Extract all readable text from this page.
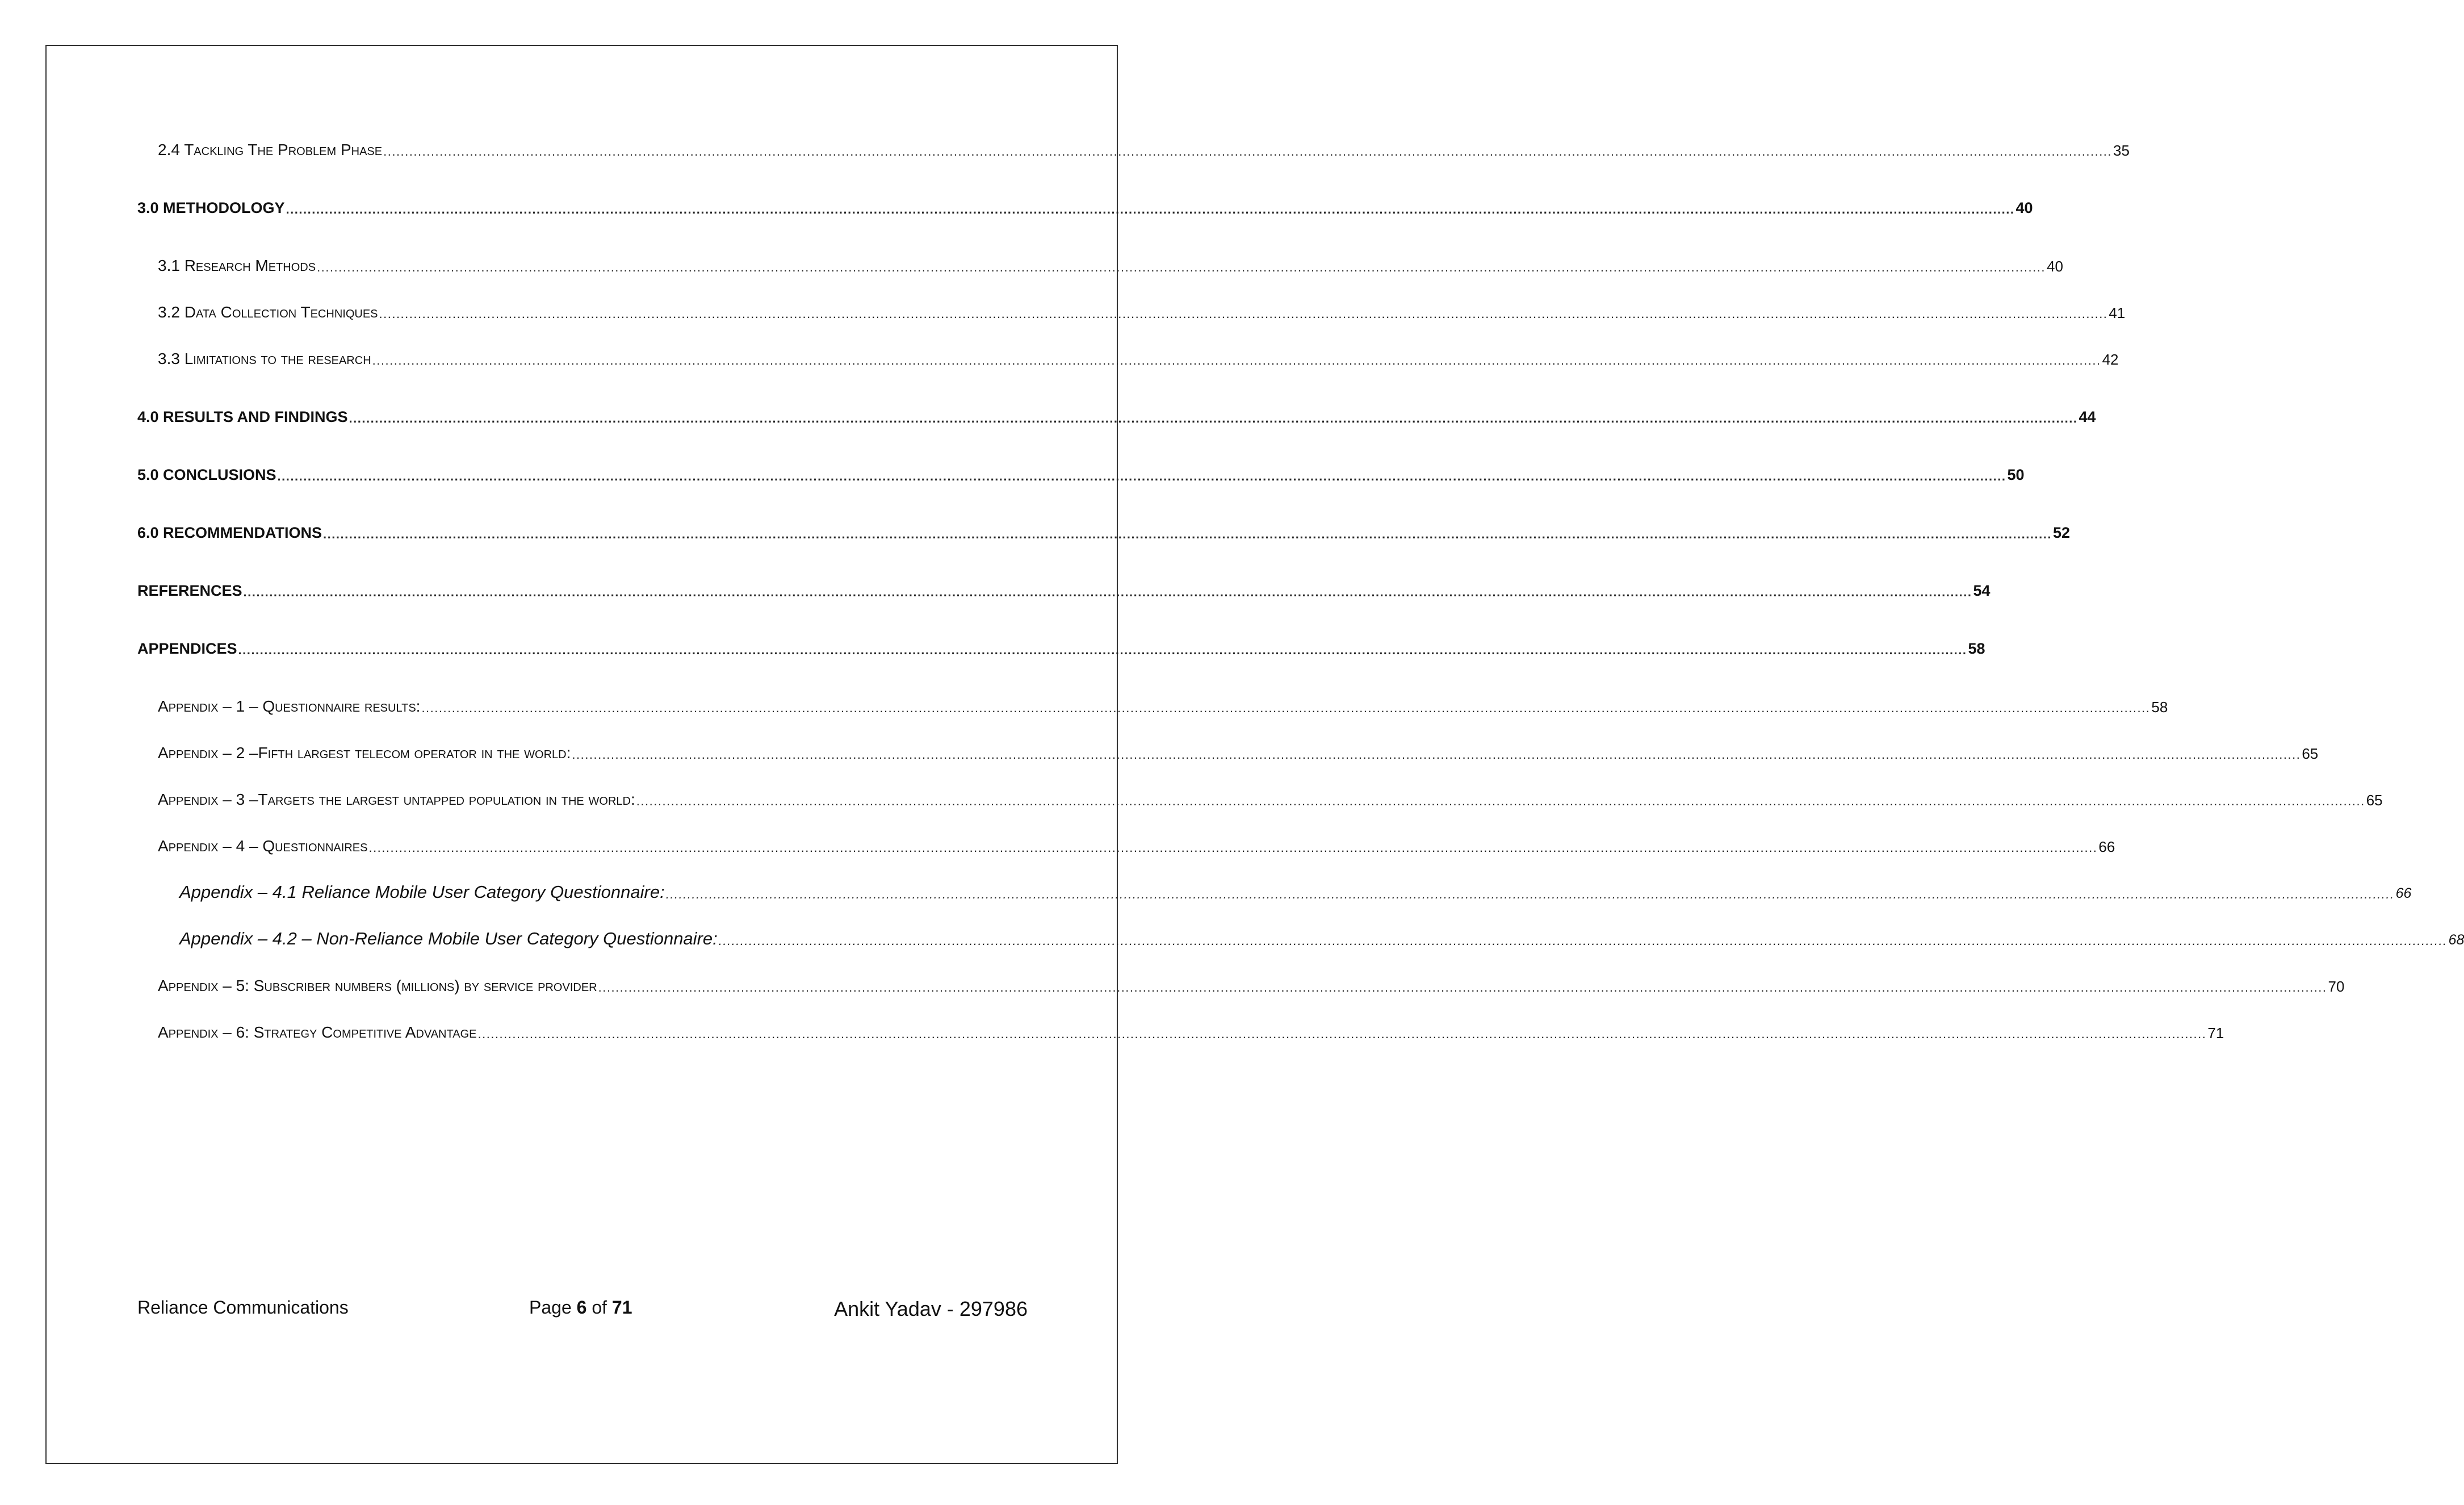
2.4 Tackling The Problem Phase ................................................................................................................................................................................................................................................................................................................................................................................................................ 35
3.0 METHODOLOGY ................................................................................................................................................................................................................................................................................................................................................................................................................ 40
3.1 Research Methods ................................................................................................................................................................................................................................................................................................................................................................................................................ 40
3.2 Data Collection Techniques ................................................................................................................................................................................................................................................................................................................................................................................................................ 41
3.3 Limitations to the research ................................................................................................................................................................................................................................................................................................................................................................................................................ 42
4.0 RESULTS AND FINDINGS ................................................................................................................................................................................................................................................................................................................................................................................................................ 44
5.0 CONCLUSIONS ................................................................................................................................................................................................................................................................................................................................................................................................................ 50
6.0 RECOMMENDATIONS ................................................................................................................................................................................................................................................................................................................................................................................................................ 52
REFERENCES ................................................................................................................................................................................................................................................................................................................................................................................................................ 54
APPENDICES ................................................................................................................................................................................................................................................................................................................................................................................................................ 58
Appendix – 1 – Questionnaire results: ................................................................................................................................................................................................................................................................................................................................................................................................................ 58
Appendix – 2 –Fifth largest telecom operator in the world: ................................................................................................................................................................................................................................................................................................................................................................................................................ 65
Appendix – 3 –Targets the largest untapped population in the world: ................................................................................................................................................................................................................................................................................................................................................................................................................ 65
Appendix – 4 – Questionnaires ................................................................................................................................................................................................................................................................................................................................................................................................................ 66
Appendix – 4.1 Reliance Mobile User Category Questionnaire: ................................................................................................................................................................................................................................................................................................................................................................................................................ 66
Appendix – 4.2 – Non-Reliance Mobile User Category Questionnaire: ................................................................................................................................................................................................................................................................................................................................................................................................................ 68
Appendix – 5: Subscriber numbers (millions) by service provider ................................................................................................................................................................................................................................................................................................................................................................................................................ 70
Appendix – 6: Strategy Competitive Advantage ................................................................................................................................................................................................................................................................................................................................................................................................................ 71
Reliance Communications	Page 6 of 71	Ankit Yadav - 297986
